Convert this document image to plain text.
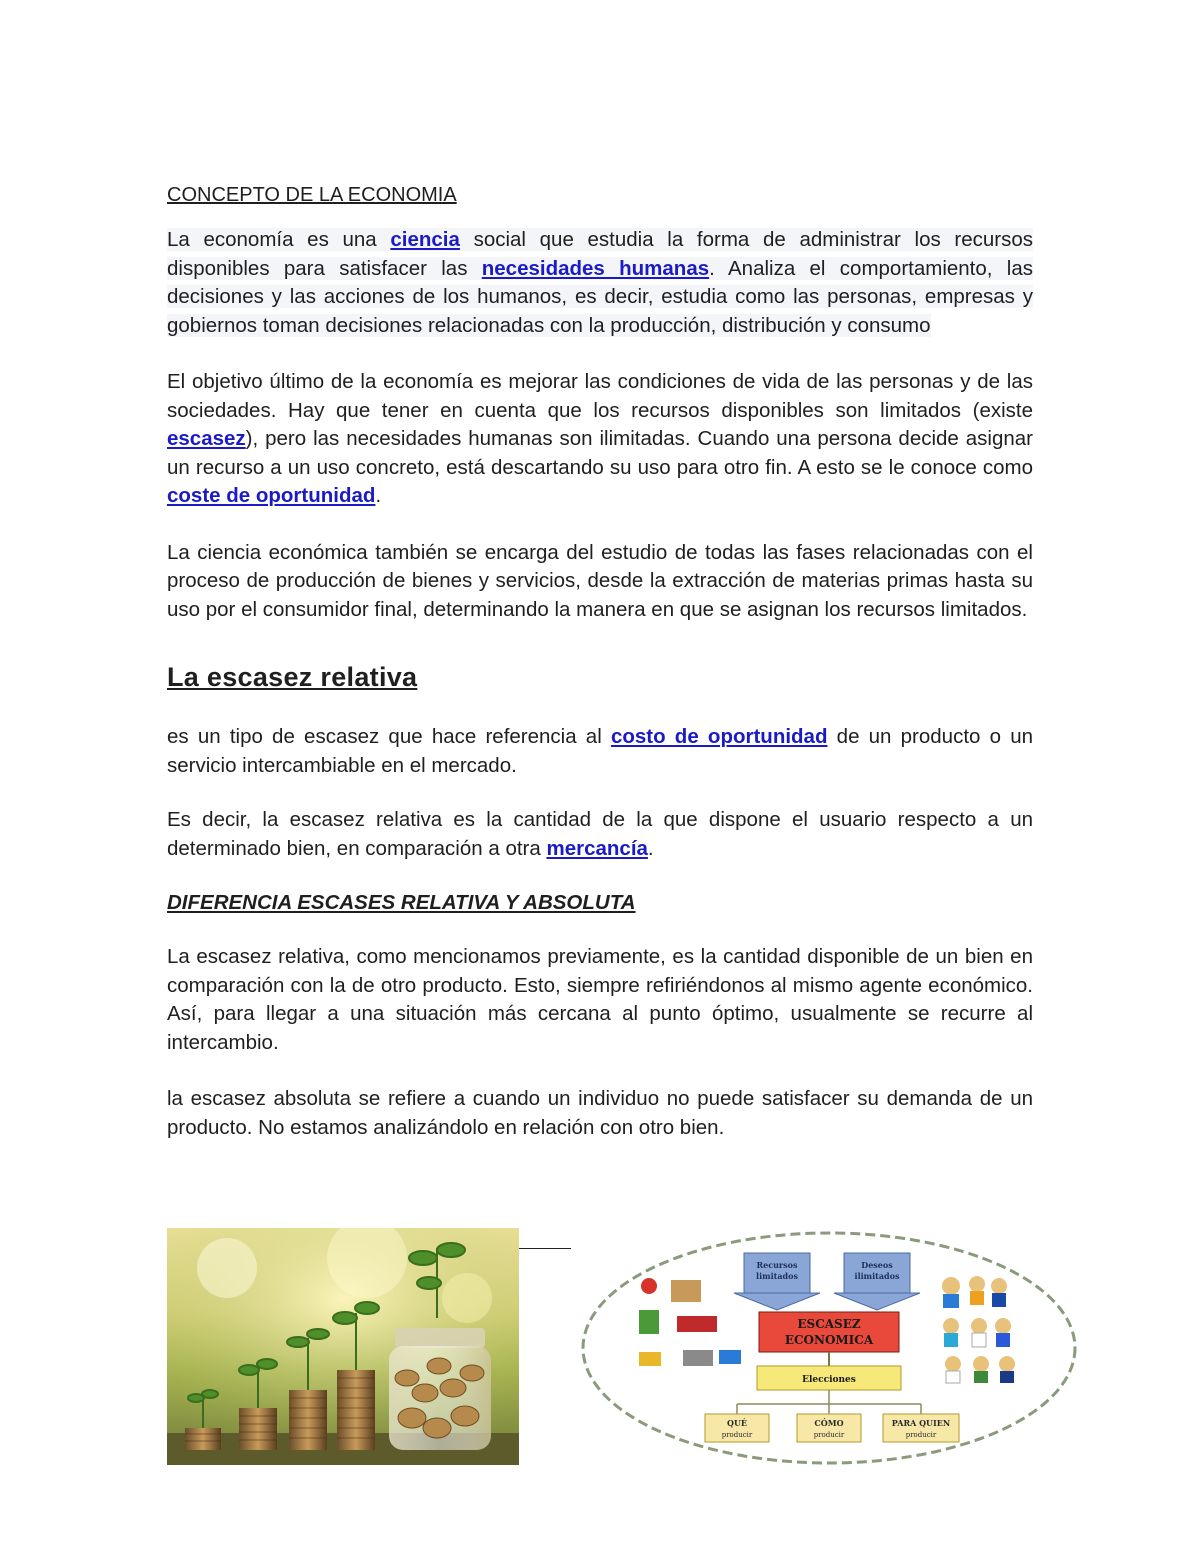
CONCEPTO DE LA ECONOMIA

La economía es una ciencia social que estudia la forma de administrar los recursos disponibles para satisfacer las necesidades humanas. Analiza el comportamiento, las decisiones y las acciones de los humanos, es decir, estudia como las personas, empresas y gobiernos toman decisiones relacionadas con la producción, distribución y consumo

El objetivo último de la economía es mejorar las condiciones de vida de las personas y de las sociedades. Hay que tener en cuenta que los recursos disponibles son limitados (existe escasez), pero las necesidades humanas son ilimitadas. Cuando una persona decide asignar un recurso a un uso concreto, está descartando su uso para otro fin. A esto se le conoce como coste de oportunidad.

La ciencia económica también se encarga del estudio de todas las fases relacionadas con el proceso de producción de bienes y servicios, desde la extracción de materias primas hasta su uso por el consumidor final, determinando la manera en que se asignan los recursos limitados.

La escasez relativa

es un tipo de escasez que hace referencia al costo de oportunidad de un producto o un servicio intercambiable en el mercado.

Es decir, la escasez relativa es la cantidad de la que dispone el usuario respecto a un determinado bien, en comparación a otra mercancía.

DIFERENCIA ESCASES RELATIVA Y ABSOLUTA

La escasez relativa, como mencionamos previamente, es la cantidad disponible de un bien en comparación con la de otro producto. Esto, siempre refiriéndonos al mismo agente económico. Así, para llegar a una situación más cercana al punto óptimo, usualmente se recurre al intercambio.

la escasez absoluta se refiere a cuando un individuo no puede satisfacer su demanda de un producto. No estamos analizándolo en relación con otro bien.

Recursos
limitados
Deseos
ilimitados
ESCASEZ
ECONOMICA
Elecciones
QUÉ
producir
CÓMO
producir
PARA QUIEN
producir
